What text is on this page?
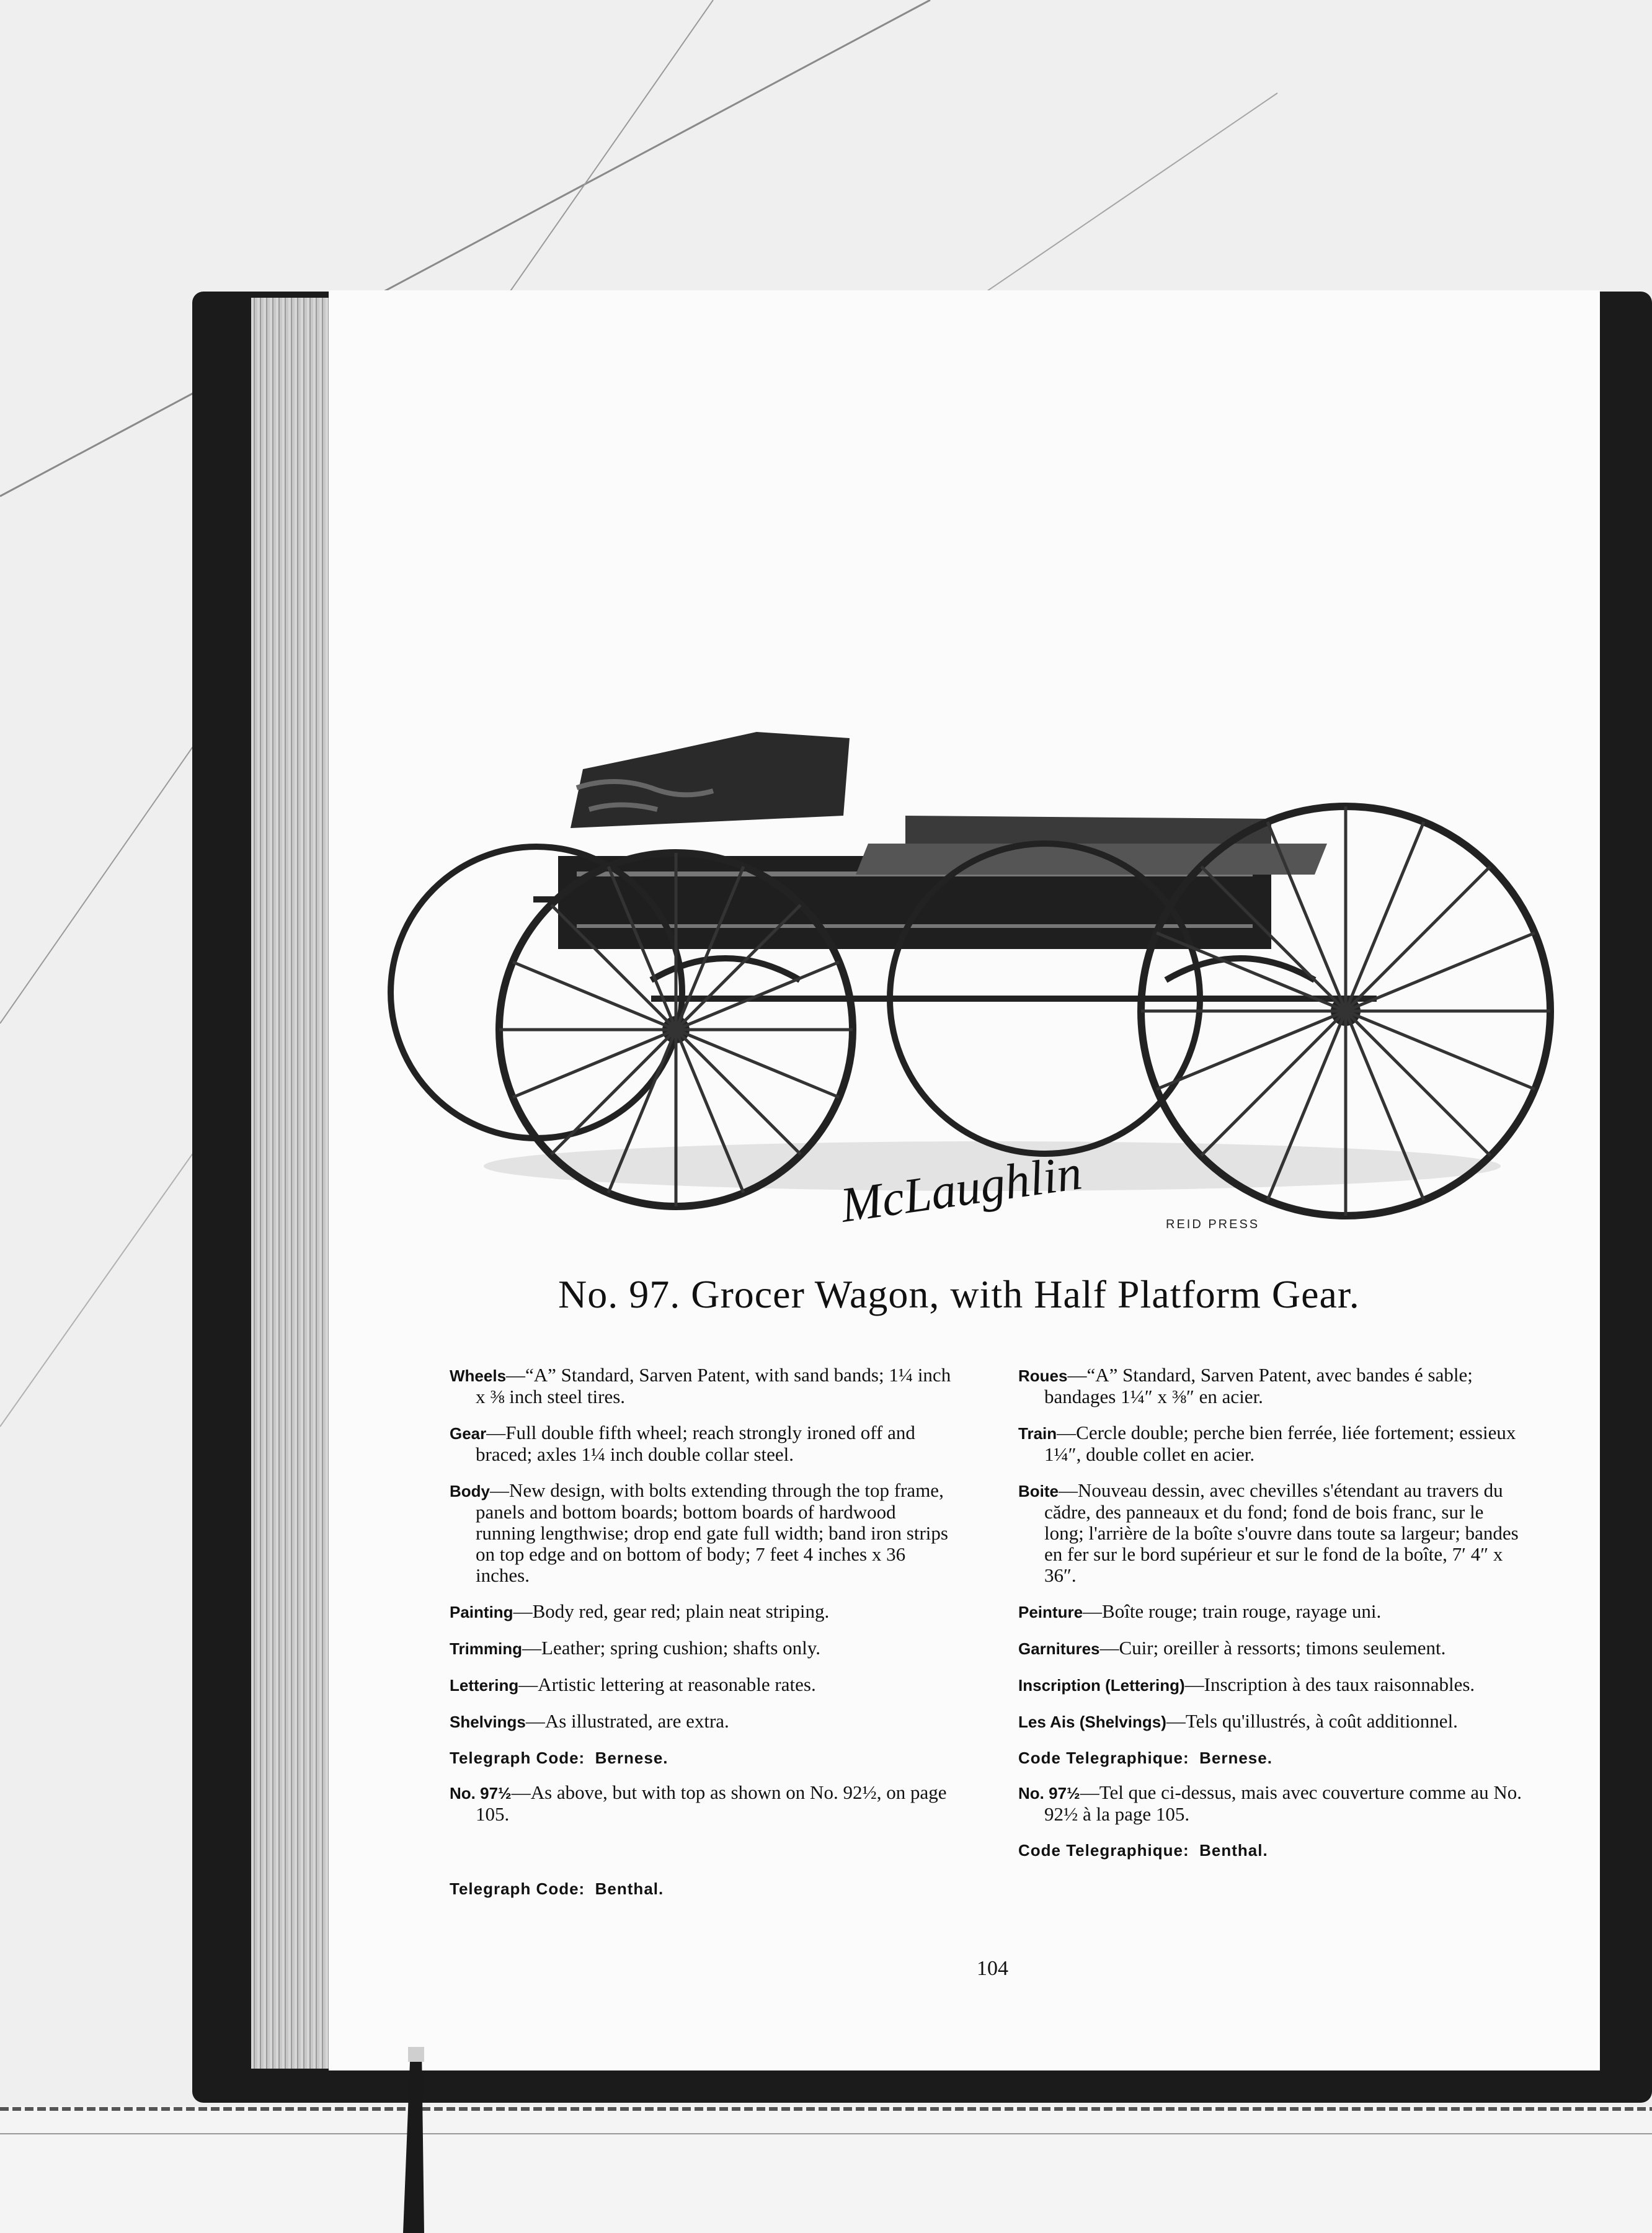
McLaughlin	REID PRESS
No. 97. Grocer Wagon, with Half Platform Gear.
Wheels—“A” Standard, Sarven Patent, with sand bands; 1¼ inch x ⅜ inch steel tires.
Gear—Full double fifth wheel; reach strongly ironed off and braced; axles 1¼ inch double collar steel.
Body—New design, with bolts extending through the top frame, panels and bottom boards; bottom boards of hardwood running lengthwise; drop end gate full width; band iron strips on top edge and on bottom of body; 7 feet 4 inches x 36 inches.
Painting—Body red, gear red; plain neat striping.
Trimming—Leather; spring cushion; shafts only.
Lettering—Artistic lettering at reasonable rates.
Shelvings—As illustrated, are extra.
Telegraph Code: Bernese.
No. 97½—As above, but with top as shown on No. 92½, on page 105.
Telegraph Code: Benthal.
Roues—“A” Standard, Sarven Patent, avec bandes é sable; bandages 1¼″ x ⅜″ en acier.
Train—Cercle double; perche bien ferrée, liée fortement; essieux 1¼″, double collet en acier.
Boite—Nouveau dessin, avec chevilles s'étendant au travers du cădre, des panneaux et du fond; fond de bois franc, sur le long; l'arrière de la boîte s'ouvre dans toute sa largeur; bandes en fer sur le bord supérieur et sur le fond de la boîte, 7′ 4″ x 36″.
Peinture—Boîte rouge; train rouge, rayage uni.
Garnitures—Cuir; oreiller à ressorts; timons seulement.
Inscription (Lettering)—Inscription à des taux raisonnables.
Les Ais (Shelvings)—Tels qu'illustrés, à coût additionnel.
Code Telegraphique: Bernese.
No. 97½—Tel que ci-dessus, mais avec couverture comme au No. 92½ à la page 105.
Code Telegraphique: Benthal.
104
